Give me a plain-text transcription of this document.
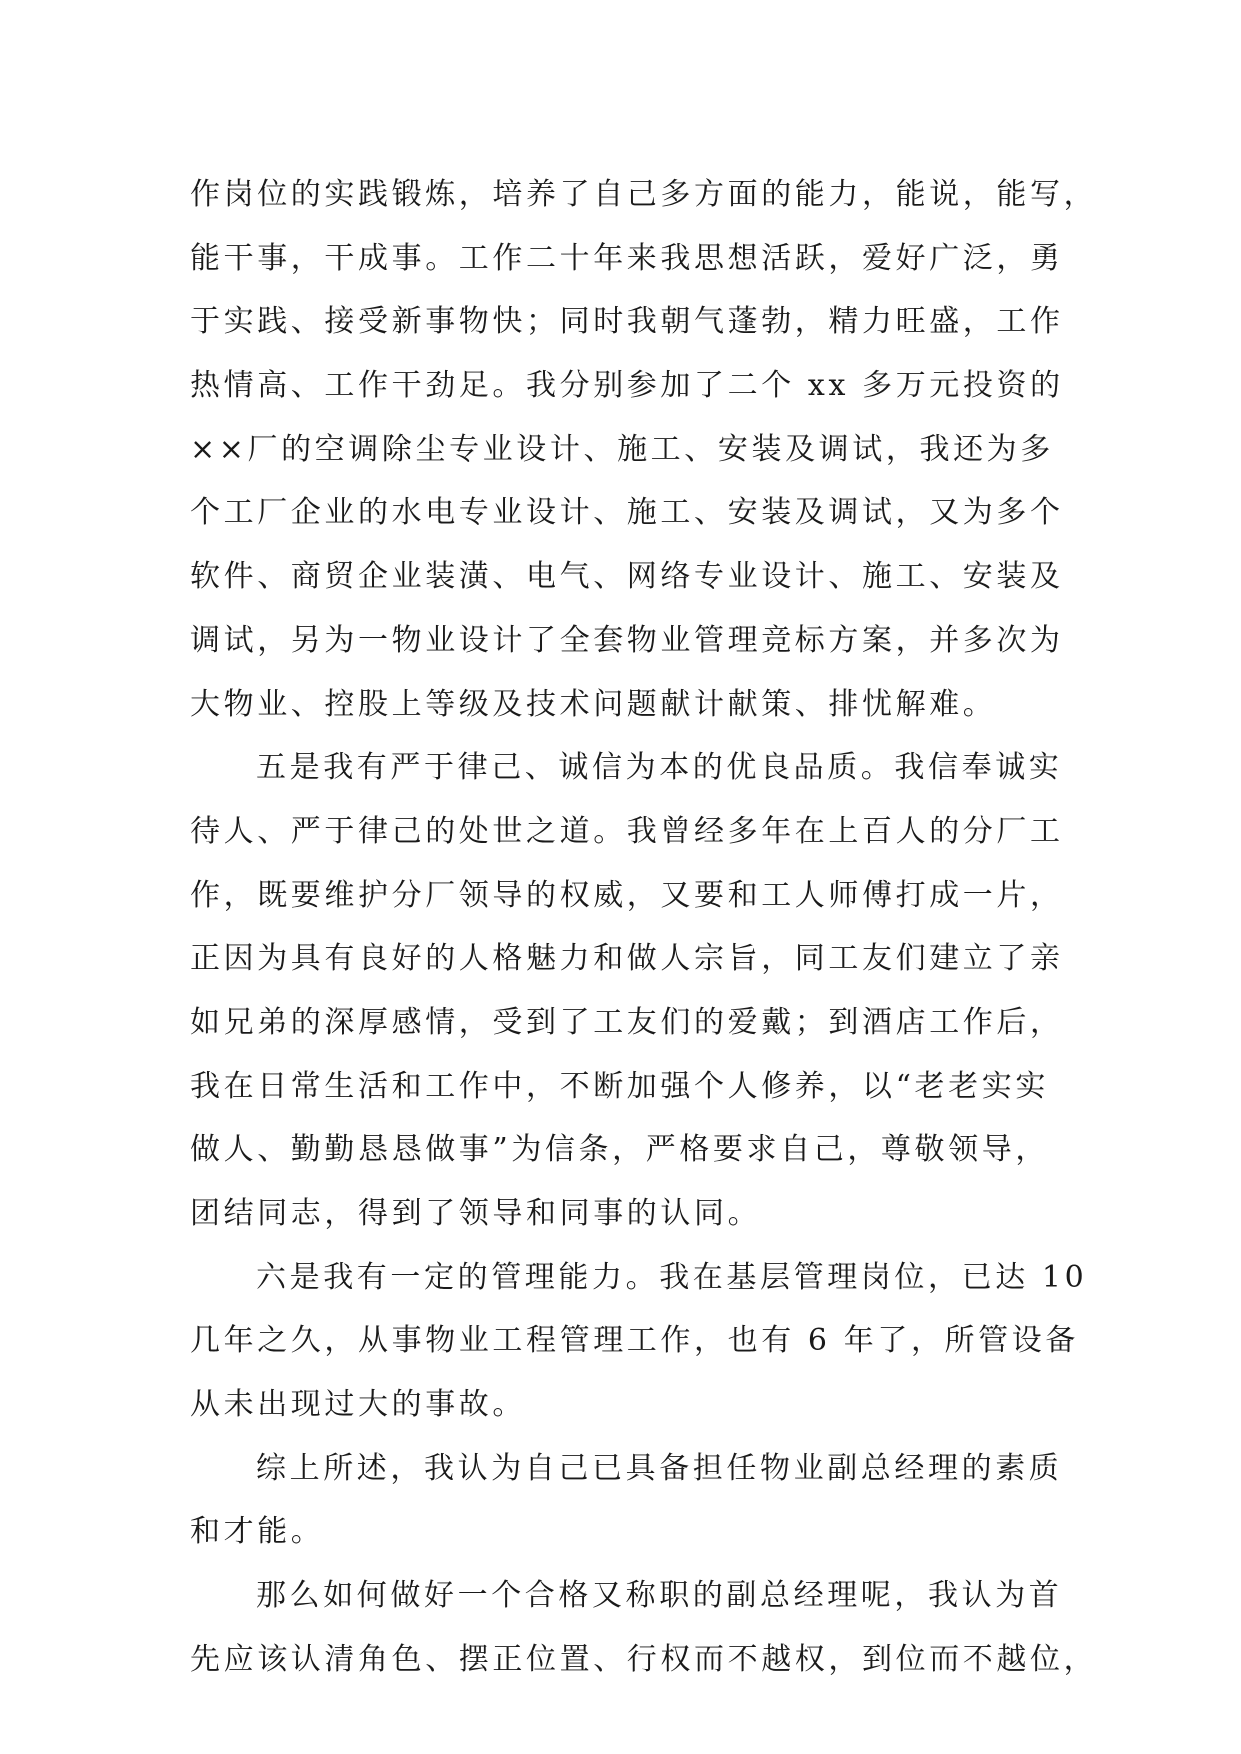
作岗位的实践锻炼，培养了自己多方面的能力，能说，能写，
能干事，干成事。工作二十年来我思想活跃，爱好广泛，勇
于实践、接受新事物快；同时我朝气蓬勃，精力旺盛，工作
热情高、工作干劲足。我分别参加了二个 xx 多万元投资的
××厂的空调除尘专业设计、施工、安装及调试，我还为多
个工厂企业的水电专业设计、施工、安装及调试，又为多个
软件、商贸企业装潢、电气、网络专业设计、施工、安装及
调试，另为一物业设计了全套物业管理竞标方案，并多次为
大物业、控股上等级及技术问题献计献策、排忧解难。
五是我有严于律己、诚信为本的优良品质。我信奉诚实
待人、严于律己的处世之道。我曾经多年在上百人的分厂工
作，既要维护分厂领导的权威，又要和工人师傅打成一片，
正因为具有良好的人格魅力和做人宗旨，同工友们建立了亲
如兄弟的深厚感情，受到了工友们的爱戴；到酒店工作后，
我在日常生活和工作中，不断加强个人修养，以“老老实实
做人、勤勤恳恳做事”为信条，严格要求自己，尊敬领导，
团结同志，得到了领导和同事的认同。
六是我有一定的管理能力。我在基层管理岗位，已达 10
几年之久，从事物业工程管理工作，也有 6 年了，所管设备
从未出现过大的事故。
综上所述，我认为自己已具备担任物业副总经理的素质
和才能。
那么如何做好一个合格又称职的副总经理呢，我认为首
先应该认清角色、摆正位置、行权而不越权，到位而不越位，
